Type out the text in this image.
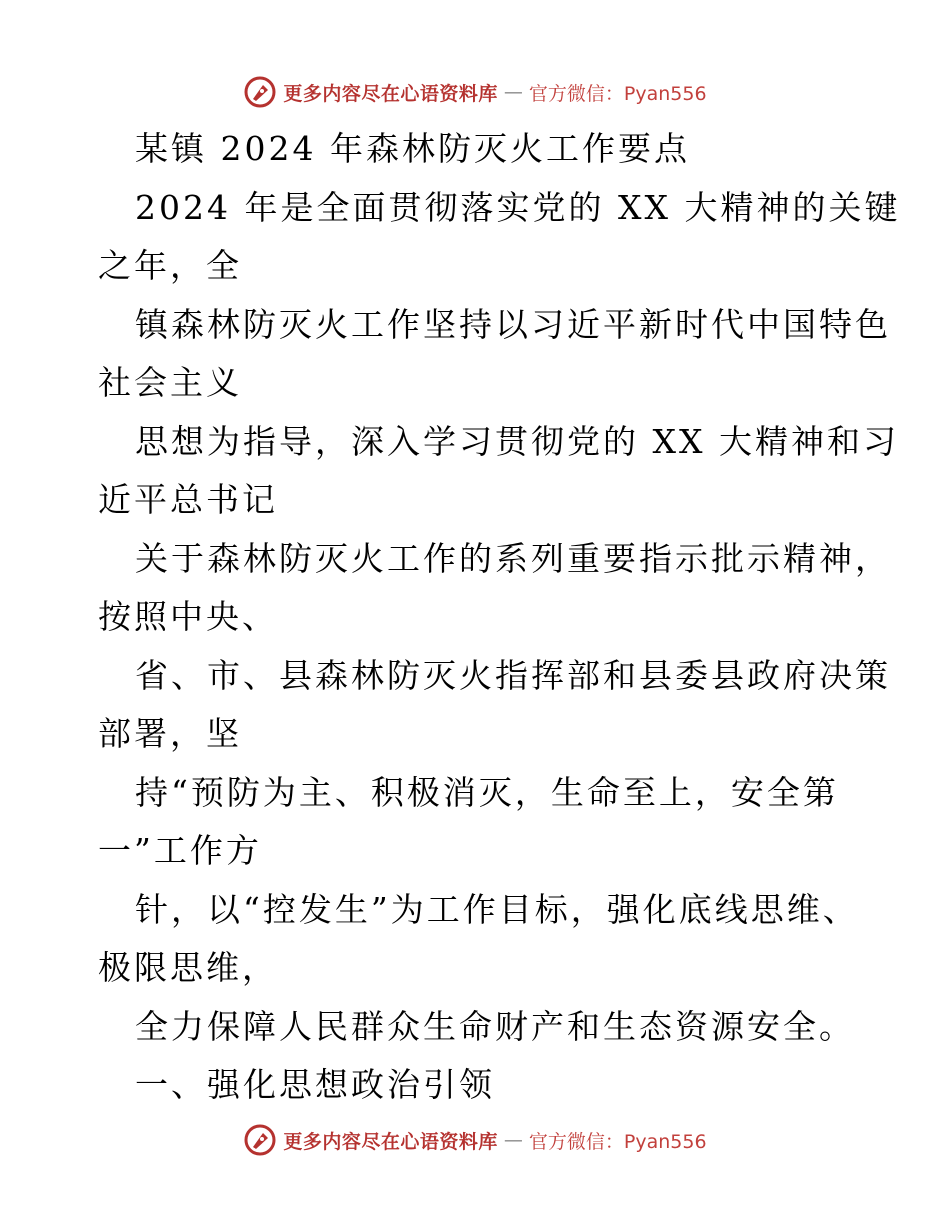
更多内容尽在心语资料库 — 官方微信：Pyan556
某镇 2024 年森林防灭火工作要点
2024 年是全面贯彻落实党的 XX 大精神的关键
之年，全
镇森林防灭火工作坚持以习近平新时代中国特色
社会主义
思想为指导，深入学习贯彻党的 XX 大精神和习
近平总书记
关于森林防灭火工作的系列重要指示批示精神，
按照中央、
省、市、县森林防灭火指挥部和县委县政府决策
部署，坚
持“预防为主、积极消灭，生命至上，安全第
一”工作方
针，以“控发生”为工作目标，强化底线思维、
极限思维，
全力保障人民群众生命财产和生态资源安全。
一、强化思想政治引领
更多内容尽在心语资料库 — 官方微信：Pyan556
